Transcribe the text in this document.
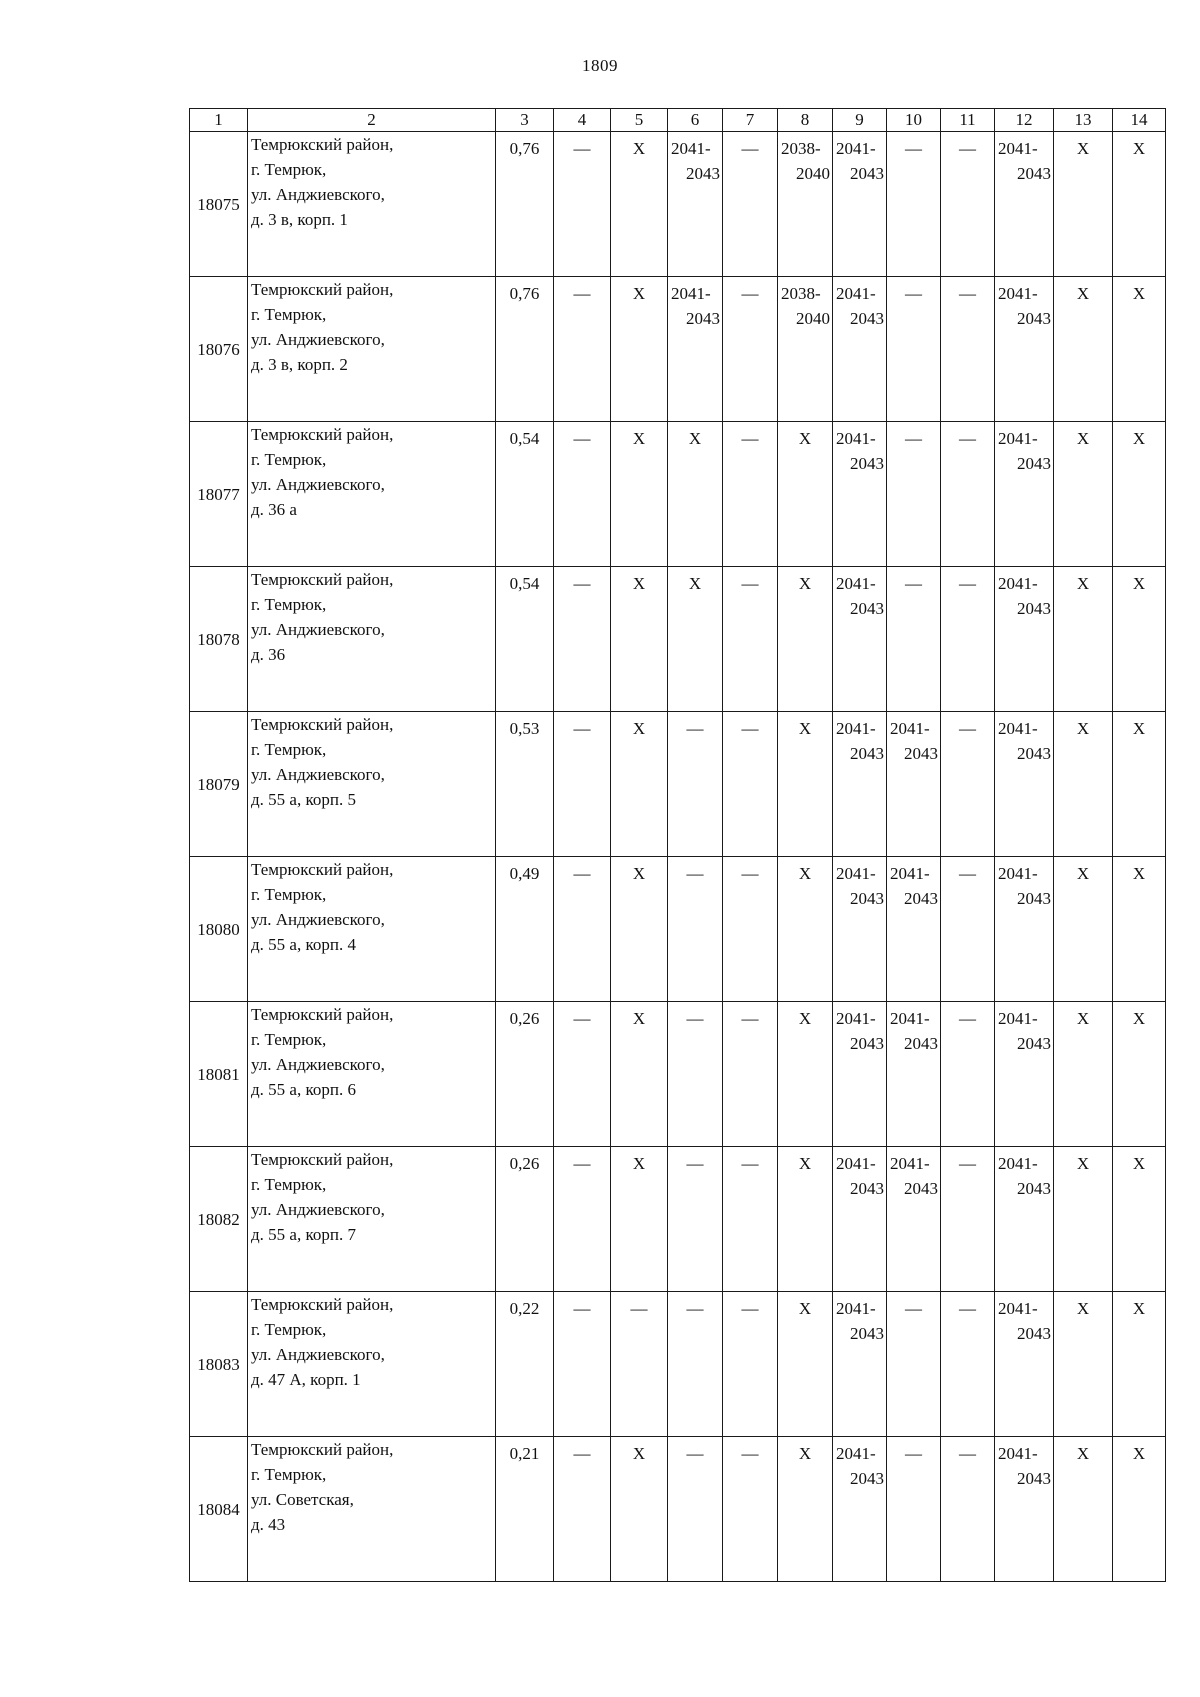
1809
1	2	3	4	5	6	7	8	9	10	11	12	13	14
18075	Темрюкский район,
г. Темрюк,
ул. Анджиевского,
д. 3 в, корп. 1	0,76	—	X	2041-
2043	—	2038-
2040	2041-
2043	—	—	2041-
2043	X	X
18076	Темрюкский район,
г. Темрюк,
ул. Анджиевского,
д. 3 в, корп. 2	0,76	—	X	2041-
2043	—	2038-
2040	2041-
2043	—	—	2041-
2043	X	X
18077	Темрюкский район,
г. Темрюк,
ул. Анджиевского,
д. 36 а	0,54	—	X	X	—	X	2041-
2043	—	—	2041-
2043	X	X
18078	Темрюкский район,
г. Темрюк,
ул. Анджиевского,
д. 36	0,54	—	X	X	—	X	2041-
2043	—	—	2041-
2043	X	X
18079	Темрюкский район,
г. Темрюк,
ул. Анджиевского,
д. 55 а, корп. 5	0,53	—	X	—	—	X	2041-
2043	2041-
2043	—	2041-
2043	X	X
18080	Темрюкский район,
г. Темрюк,
ул. Анджиевского,
д. 55 а, корп. 4	0,49	—	X	—	—	X	2041-
2043	2041-
2043	—	2041-
2043	X	X
18081	Темрюкский район,
г. Темрюк,
ул. Анджиевского,
д. 55 а, корп. 6	0,26	—	X	—	—	X	2041-
2043	2041-
2043	—	2041-
2043	X	X
18082	Темрюкский район,
г. Темрюк,
ул. Анджиевского,
д. 55 а, корп. 7	0,26	—	X	—	—	X	2041-
2043	2041-
2043	—	2041-
2043	X	X
18083	Темрюкский район,
г. Темрюк,
ул. Анджиевского,
д. 47 А, корп. 1	0,22	—	—	—	—	X	2041-
2043	—	—	2041-
2043	X	X
18084	Темрюкский район,
г. Темрюк,
ул. Советская,
д. 43	0,21	—	X	—	—	X	2041-
2043	—	—	2041-
2043	X	X
